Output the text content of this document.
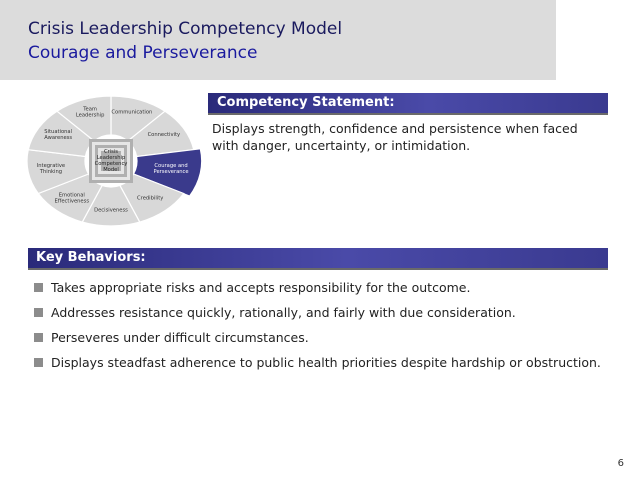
Crisis Leadership Competency Model
Courage and Perseverance
Communication
Connectivity
Courage and Perseverance
Credibility
Decisiveness
Emotional Effectiveness
Integrative Thinking
Situational Awareness
Team Leadership
Crisis Leadership Competency Model
Competency Statement:
Displays strength, confidence and persistence when faced with danger, uncertainty, or intimidation.
Key Behaviors:
Takes appropriate risks and accepts responsibility for the outcome.
Addresses resistance quickly, rationally, and fairly with due consideration.
Perseveres under difficult circumstances.
Displays steadfast adherence to public health priorities despite hardship or obstruction.
6
